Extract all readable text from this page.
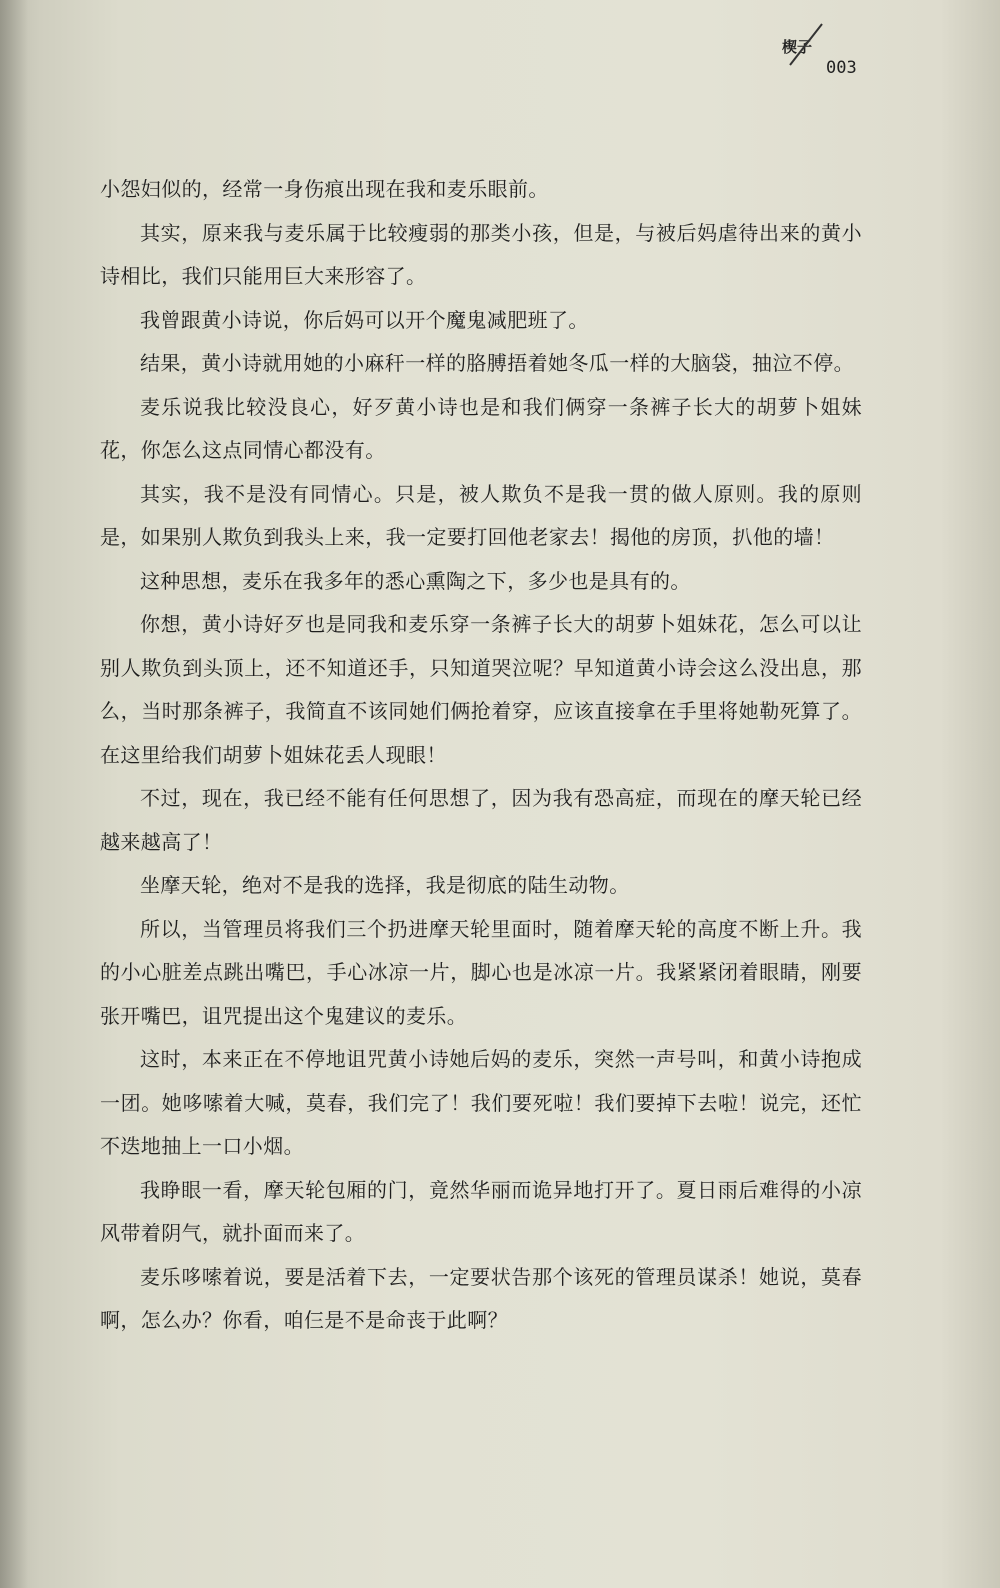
楔子
003

小怨妇似的，经常一身伤痕出现在我和麦乐眼前。

其实，原来我与麦乐属于比较瘦弱的那类小孩，但是，与被后妈虐待出来的黄小诗相比，我们只能用巨大来形容了。

我曾跟黄小诗说，你后妈可以开个魔鬼减肥班了。

结果，黄小诗就用她的小麻秆一样的胳膊捂着她冬瓜一样的大脑袋，抽泣不停。

麦乐说我比较没良心，好歹黄小诗也是和我们俩穿一条裤子长大的胡萝卜姐妹花，你怎么这点同情心都没有。

其实，我不是没有同情心。只是，被人欺负不是我一贯的做人原则。我的原则是，如果别人欺负到我头上来，我一定要打回他老家去！揭他的房顶，扒他的墙！

这种思想，麦乐在我多年的悉心熏陶之下，多少也是具有的。

你想，黄小诗好歹也是同我和麦乐穿一条裤子长大的胡萝卜姐妹花，怎么可以让别人欺负到头顶上，还不知道还手，只知道哭泣呢？早知道黄小诗会这么没出息，那么，当时那条裤子，我简直不该同她们俩抢着穿，应该直接拿在手里将她勒死算了。在这里给我们胡萝卜姐妹花丢人现眼！

不过，现在，我已经不能有任何思想了，因为我有恐高症，而现在的摩天轮已经越来越高了！

坐摩天轮，绝对不是我的选择，我是彻底的陆生动物。

所以，当管理员将我们三个扔进摩天轮里面时，随着摩天轮的高度不断上升。我的小心脏差点跳出嘴巴，手心冰凉一片，脚心也是冰凉一片。我紧紧闭着眼睛，刚要张开嘴巴，诅咒提出这个鬼建议的麦乐。

这时，本来正在不停地诅咒黄小诗她后妈的麦乐，突然一声号叫，和黄小诗抱成一团。她哆嗦着大喊，莫春，我们完了！我们要死啦！我们要掉下去啦！说完，还忙不迭地抽上一口小烟。

我睁眼一看，摩天轮包厢的门，竟然华丽而诡异地打开了。夏日雨后难得的小凉风带着阴气，就扑面而来了。

麦乐哆嗦着说，要是活着下去，一定要状告那个该死的管理员谋杀！她说，莫春啊，怎么办？你看，咱仨是不是命丧于此啊？
